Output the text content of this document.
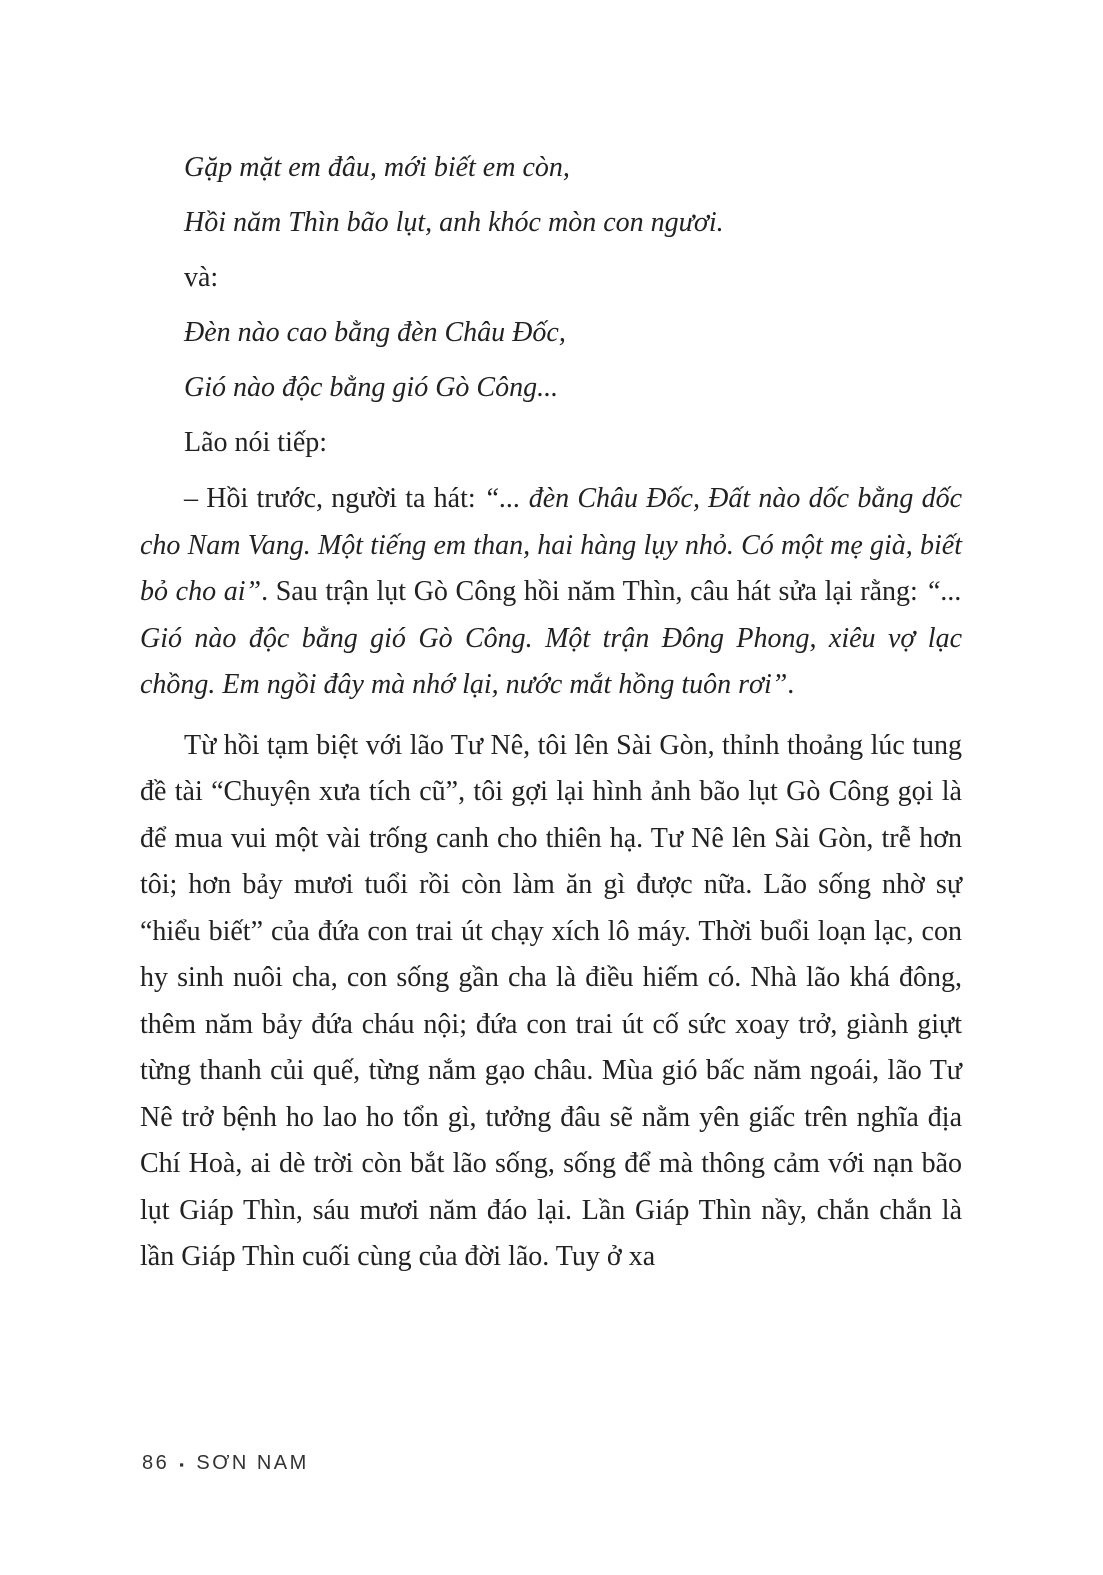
Gặp mặt em đâu, mới biết em còn,
Hồi năm Thìn bão lụt, anh khóc mòn con ngươi.
và:
Đèn nào cao bằng đèn Châu Đốc,
Gió nào độc bằng gió Gò Công...
Lão nói tiếp:

– Hồi trước, người ta hát: “... đèn Châu Đốc, Đất nào dốc bằng dốc cho Nam Vang. Một tiếng em than, hai hàng lụy nhỏ. Có một mẹ già, biết bỏ cho ai”. Sau trận lụt Gò Công hồi năm Thìn, câu hát sửa lại rằng: “... Gió nào độc bằng gió Gò Công. Một trận Đông Phong, xiêu vợ lạc chồng. Em ngồi đây mà nhớ lại, nước mắt hồng tuôn rơi”.

Từ hồi tạm biệt với lão Tư Nê, tôi lên Sài Gòn, thỉnh thoảng lúc tung đề tài “Chuyện xưa tích cũ”, tôi gợi lại hình ảnh bão lụt Gò Công gọi là để mua vui một vài trống canh cho thiên hạ. Tư Nê lên Sài Gòn, trễ hơn tôi; hơn bảy mươi tuổi rồi còn làm ăn gì được nữa. Lão sống nhờ sự “hiểu biết” của đứa con trai út chạy xích lô máy. Thời buổi loạn lạc, con hy sinh nuôi cha, con sống gần cha là điều hiếm có. Nhà lão khá đông, thêm năm bảy đứa cháu nội; đứa con trai út cố sức xoay trở, giành giựt từng thanh củi quế, từng nắm gạo châu. Mùa gió bấc năm ngoái, lão Tư Nê trở bệnh ho lao ho tổn gì, tưởng đâu sẽ nằm yên giấc trên nghĩa địa Chí Hoà, ai dè trời còn bắt lão sống, sống để mà thông cảm với nạn bão lụt Giáp Thìn, sáu mươi năm đáo lại. Lần Giáp Thìn nầy, chắn chắn là lần Giáp Thìn cuối cùng của đời lão. Tuy ở xa

86 ▪ SƠN NAM
